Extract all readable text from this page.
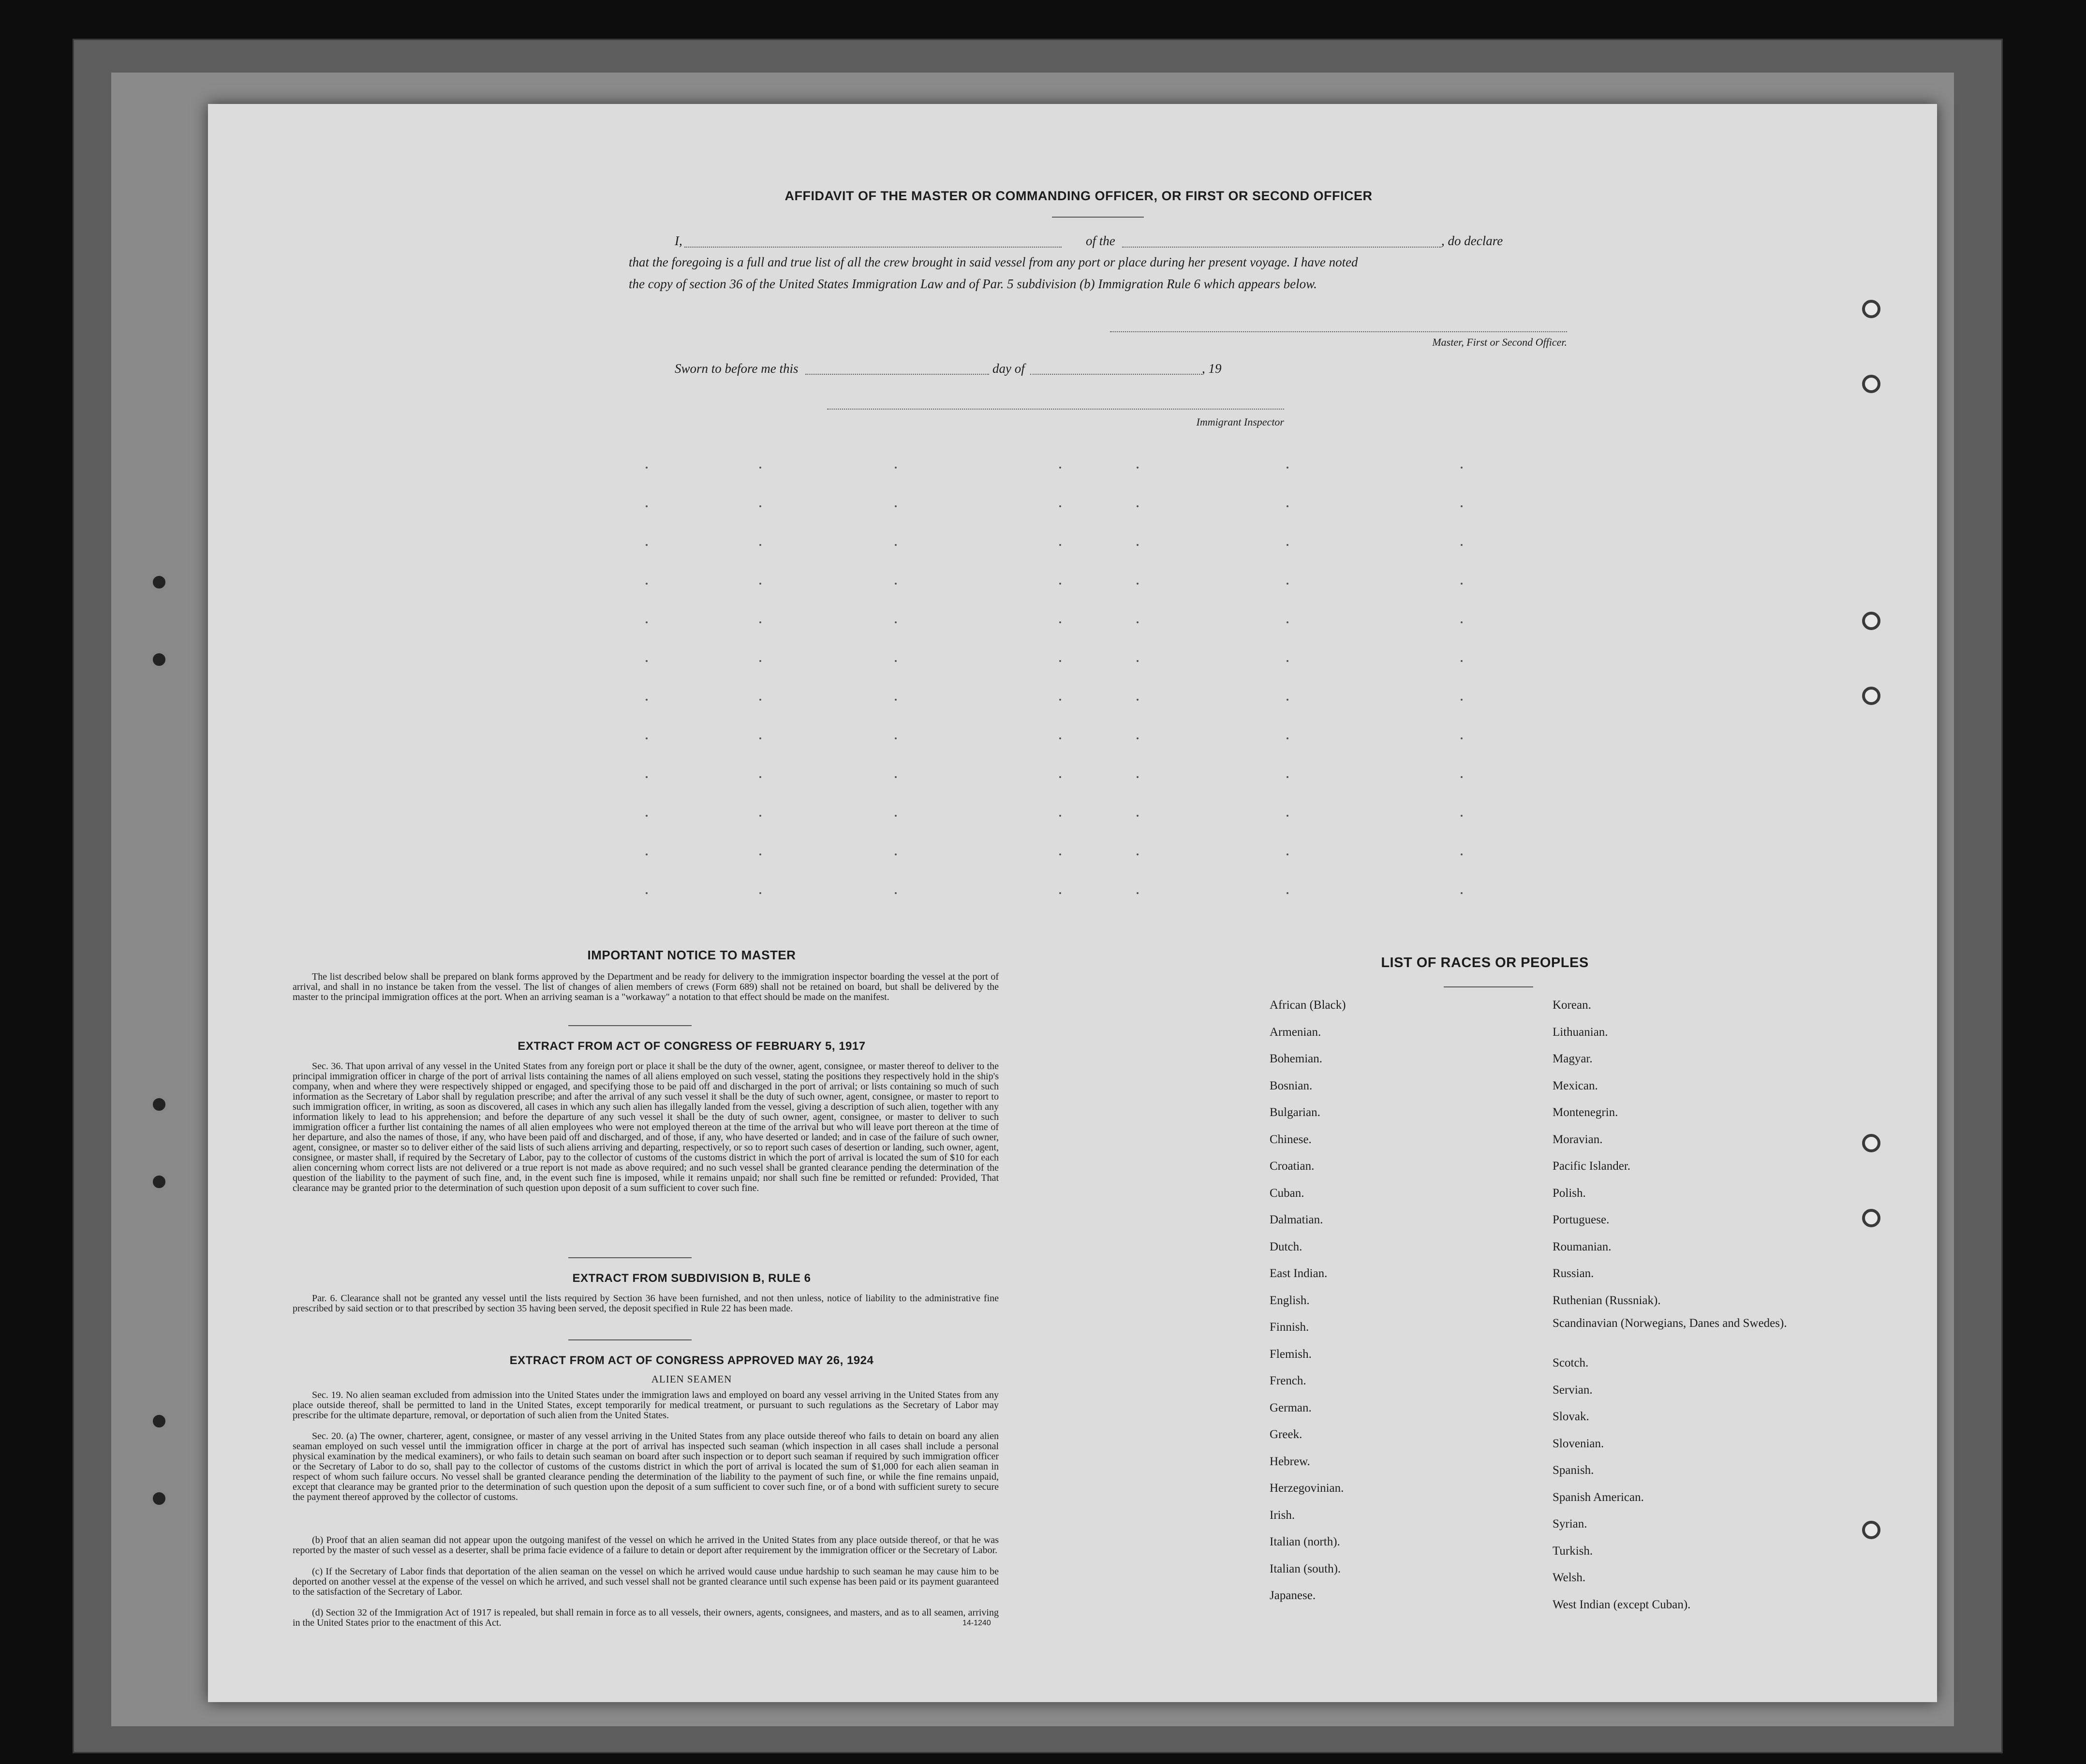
AFFIDAVIT OF THE MASTER OR COMMANDING OFFICER, OR FIRST OR SECOND OFFICER
I,	of the	, do declare
that the foregoing is a full and true list of all the crew brought in said vessel from any port or place during her present voyage. I have noted
the copy of section 36 of the United States Immigration Law and of Par. 5 subdivision (b) Immigration Rule 6 which appears below.
Master, First or Second Officer.
Sworn to before me this	day of	, 19
Immigrant Inspector
IMPORTANT NOTICE TO MASTER
The list described below shall be prepared on blank forms approved by the Department and be ready for delivery to the immigration inspector boarding the vessel at the port of arrival, and shall in no instance be taken from the vessel. The list of changes of alien members of crews (Form 689) shall not be retained on board, but shall be delivered by the master to the principal immigration offices at the port. When an arriving seaman is a "workaway" a notation to that effect should be made on the manifest.
EXTRACT FROM ACT OF CONGRESS OF FEBRUARY 5, 1917
Sec. 36. That upon arrival of any vessel in the United States from any foreign port or place it shall be the duty of the owner, agent, consignee, or master thereof to deliver to the principal immigration officer in charge of the port of arrival lists containing the names of all aliens employed on such vessel, stating the positions they respectively hold in the ship's company, when and where they were respectively shipped or engaged, and specifying those to be paid off and discharged in the port of arrival; or lists containing so much of such information as the Secretary of Labor shall by regulation prescribe; and after the arrival of any such vessel it shall be the duty of such owner, agent, consignee, or master to report to such immigration officer, in writing, as soon as discovered, all cases in which any such alien has illegally landed from the vessel, giving a description of such alien, together with any information likely to lead to his apprehension; and before the departure of any such vessel it shall be the duty of such owner, agent, consignee, or master to deliver to such immigration officer a further list containing the names of all alien employees who were not employed thereon at the time of the arrival but who will leave port thereon at the time of her departure, and also the names of those, if any, who have been paid off and discharged, and of those, if any, who have deserted or landed; and in case of the failure of such owner, agent, consignee, or master so to deliver either of the said lists of such aliens arriving and departing, respectively, or so to report such cases of desertion or landing, such owner, agent, consignee, or master shall, if required by the Secretary of Labor, pay to the collector of customs of the customs district in which the port of arrival is located the sum of $10 for each alien concerning whom correct lists are not delivered or a true report is not made as above required; and no such vessel shall be granted clearance pending the determination of the question of the liability to the payment of such fine, and, in the event such fine is imposed, while it remains unpaid; nor shall such fine be remitted or refunded: Provided, That clearance may be granted prior to the determination of such question upon deposit of a sum sufficient to cover such fine.
EXTRACT FROM SUBDIVISION B, RULE 6
Par. 6. Clearance shall not be granted any vessel until the lists required by Section 36 have been furnished, and not then unless, notice of liability to the administrative fine prescribed by said section or to that prescribed by section 35 having been served, the deposit specified in Rule 22 has been made.
EXTRACT FROM ACT OF CONGRESS APPROVED MAY 26, 1924
ALIEN SEAMEN
Sec. 19. No alien seaman excluded from admission into the United States under the immigration laws and employed on board any vessel arriving in the United States from any place outside thereof, shall be permitted to land in the United States, except temporarily for medical treatment, or pursuant to such regulations as the Secretary of Labor may prescribe for the ultimate departure, removal, or deportation of such alien from the United States.
Sec. 20. (a) The owner, charterer, agent, consignee, or master of any vessel arriving in the United States from any place outside thereof who fails to detain on board any alien seaman employed on such vessel until the immigration officer in charge at the port of arrival has inspected such seaman (which inspection in all cases shall include a personal physical examination by the medical examiners), or who fails to detain such seaman on board after such inspection or to deport such seaman if required by such immigration officer or the Secretary of Labor to do so, shall pay to the collector of customs of the customs district in which the port of arrival is located the sum of $1,000 for each alien seaman in respect of whom such failure occurs. No vessel shall be granted clearance pending the determination of the liability to the payment of such fine, or while the fine remains unpaid, except that clearance may be granted prior to the determination of such question upon the deposit of a sum sufficient to cover such fine, or of a bond with sufficient surety to secure the payment thereof approved by the collector of customs.
(b) Proof that an alien seaman did not appear upon the outgoing manifest of the vessel on which he arrived in the United States from any place outside thereof, or that he was reported by the master of such vessel as a deserter, shall be prima facie evidence of a failure to detain or deport after requirement by the immigration officer or the Secretary of Labor.
(c) If the Secretary of Labor finds that deportation of the alien seaman on the vessel on which he arrived would cause undue hardship to such seaman he may cause him to be deported on another vessel at the expense of the vessel on which he arrived, and such vessel shall not be granted clearance until such expense has been paid or its payment guaranteed to the satisfaction of the Secretary of Labor.
(d) Section 32 of the Immigration Act of 1917 is repealed, but shall remain in force as to all vessels, their owners, agents, consignees, and masters, and as to all seamen, arriving in the United States prior to the enactment of this Act.	14-1240
LIST OF RACES OR PEOPLES
African (Black)
Armenian.
Bohemian.
Bosnian.
Bulgarian.
Chinese.
Croatian.
Cuban.
Dalmatian.
Dutch.
East Indian.
English.
Finnish.
Flemish.
French.
German.
Greek.
Hebrew.
Herzegovinian.
Irish.
Italian (north).
Italian (south).
Japanese.
Korean.
Lithuanian.
Magyar.
Mexican.
Montenegrin.
Moravian.
Pacific Islander.
Polish.
Portuguese.
Roumanian.
Russian.
Ruthenian (Russniak).
Scandinavian (Norwegians, Danes and Swedes).
Scotch.
Servian.
Slovak.
Slovenian.
Spanish.
Spanish American.
Syrian.
Turkish.
Welsh.
West Indian (except Cuban).
